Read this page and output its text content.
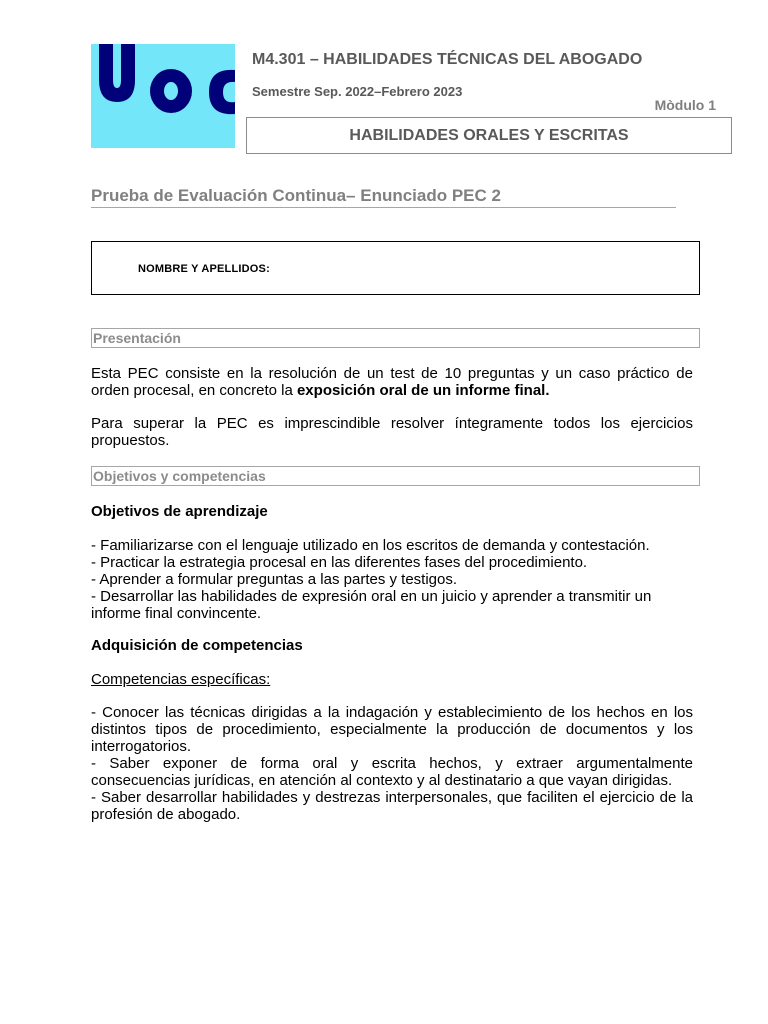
M4.301 – HABILIDADES TÉCNICAS DEL ABOGADO
Semestre Sep. 2022–Febrero 2023
Mòdulo 1
HABILIDADES ORALES Y ESCRITAS
Prueba de Evaluación Continua– Enunciado PEC 2
NOMBRE Y APELLIDOS:
Presentación
Esta PEC consiste en la resolución de un test de 10 preguntas y un caso práctico de orden procesal, en concreto la exposición oral de un informe final.
Para superar la PEC es imprescindible resolver íntegramente todos los ejercicios propuestos.
Objetivos y competencias
Objetivos de aprendizaje
- Familiarizarse con el lenguaje utilizado en los escritos de demanda y contestación.
- Practicar la estrategia procesal en las diferentes fases del procedimiento.
- Aprender a formular preguntas a las partes y testigos.
- Desarrollar las habilidades de expresión oral en un juicio y aprender a transmitir un informe final convincente.
Adquisición de competencias
Competencias específicas:
- Conocer las técnicas dirigidas a la indagación y establecimiento de los hechos en los distintos tipos de procedimiento, especialmente la producción de documentos y los interrogatorios.
- Saber exponer de forma oral y escrita hechos, y extraer argumentalmente consecuencias jurídicas, en atención al contexto y al destinatario a que vayan dirigidas.
- Saber desarrollar habilidades y destrezas interpersonales, que faciliten el ejercicio de la profesión de abogado.
